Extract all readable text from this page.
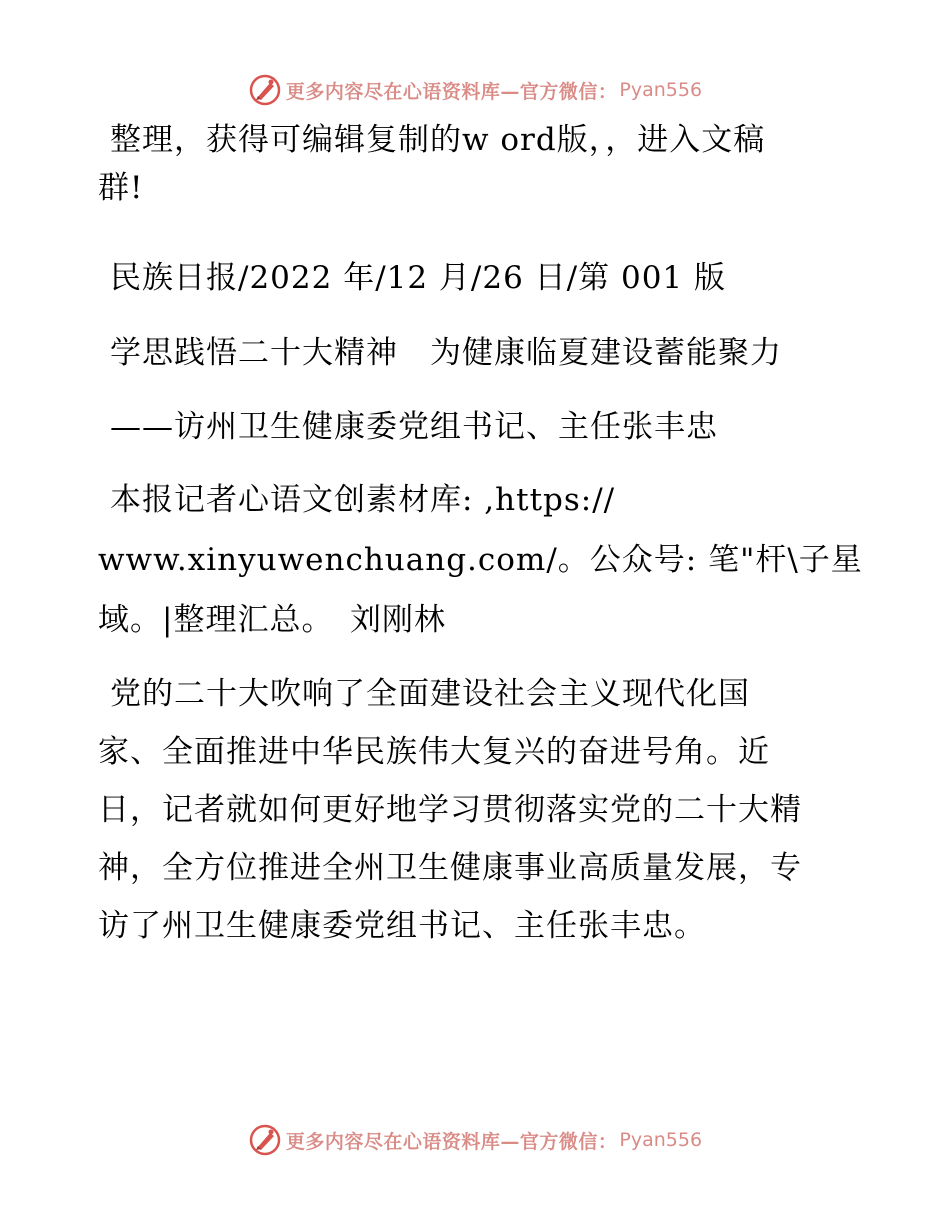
更多内容尽在心语资料库—官方微信： Pyan556
整理，获得可编辑复制的w ord版，，进入文稿
群!
民族日报/2022 年/12 月/26 日/第 001 版
学思践悟二十大精神　为健康临夏建设蓄能聚力
——访州卫生健康委党组书记、主任张丰忠
本报记者心语文创素材库: ,https://
www.xinyuwenchuang.com/。公众号: 笔"杆\子星
域。|整理汇总。　刘刚林
党的二十大吹响了全面建设社会主义现代化国
家、全面推进中华民族伟大复兴的奋进号角。近
日，记者就如何更好地学习贯彻落实党的二十大精
神，全方位推进全州卫生健康事业高质量发展，专
访了州卫生健康委党组书记、主任张丰忠。
更多内容尽在心语资料库—官方微信： Pyan556
